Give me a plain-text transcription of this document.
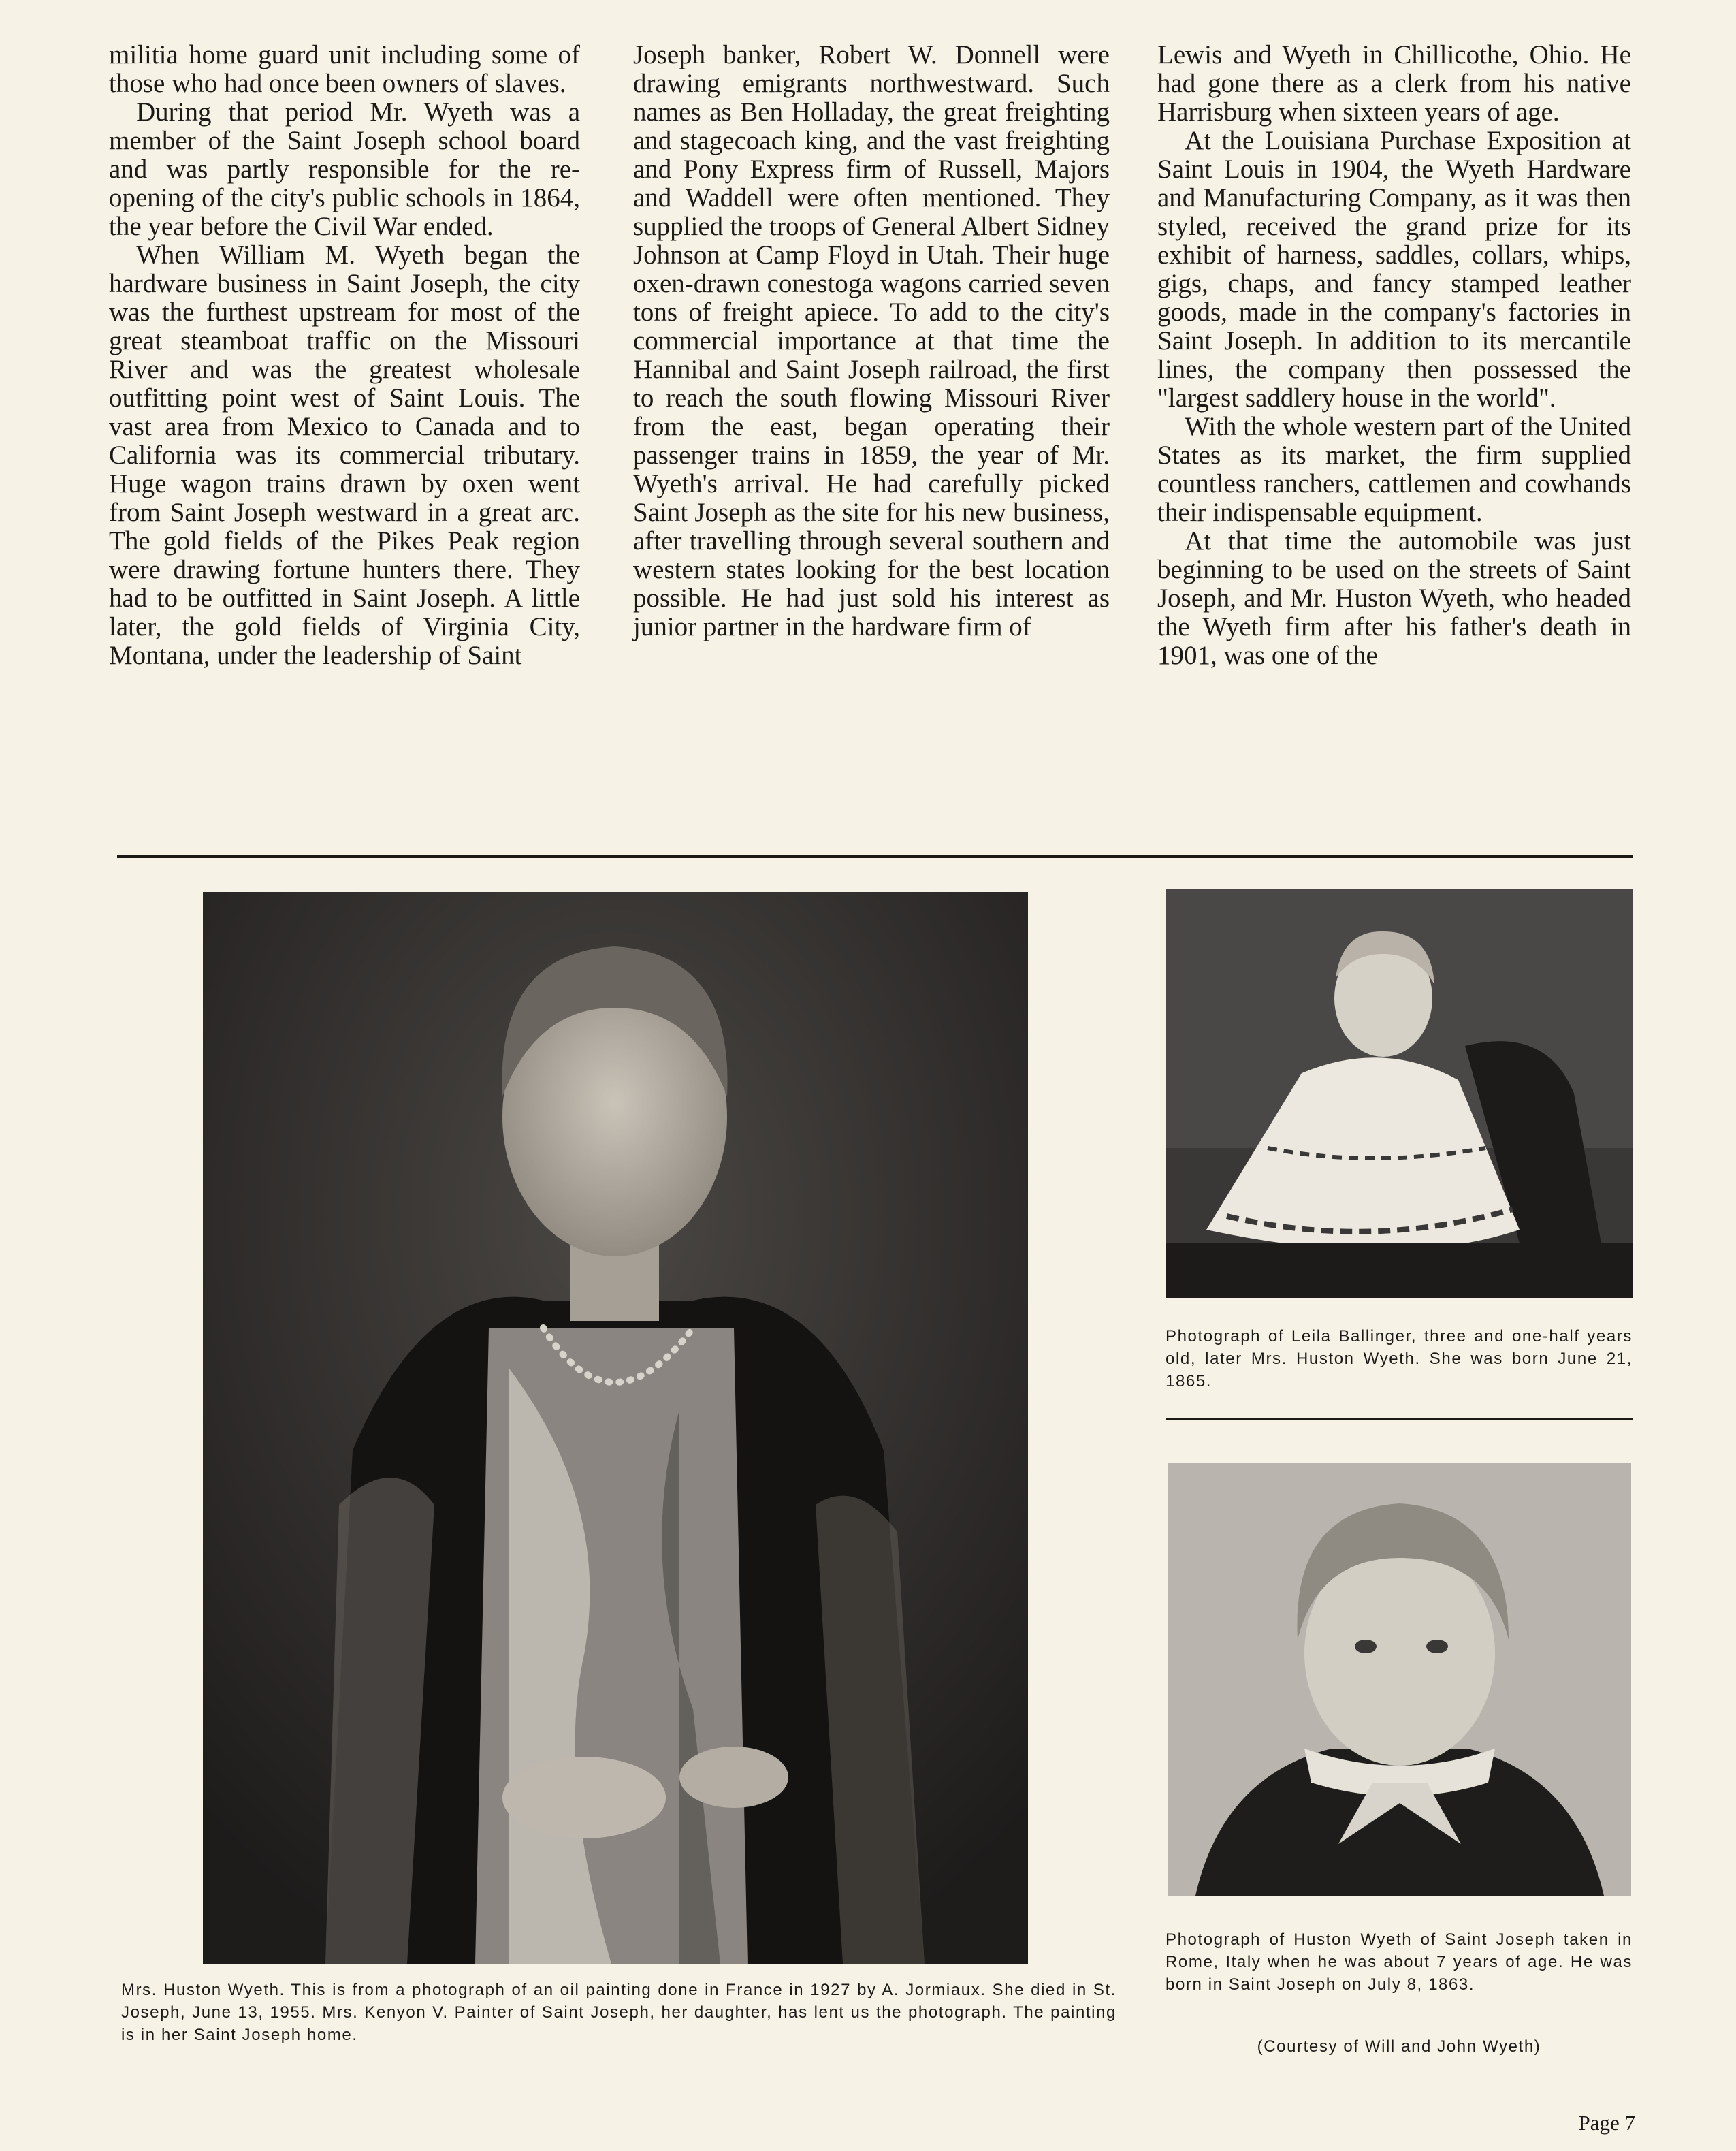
militia home guard unit including some of those who had once been owners of slaves.

During that period Mr. Wyeth was a member of the Saint Joseph school board and was partly responsible for the re-opening of the city's public schools in 1864, the year before the Civil War ended.

When William M. Wyeth began the hardware business in Saint Joseph, the city was the furthest upstream for most of the great steamboat traffic on the Missouri River and was the greatest wholesale outfitting point west of Saint Louis. The vast area from Mexico to Canada and to California was its commercial tributary. Huge wagon trains drawn by oxen went from Saint Joseph westward in a great arc. The gold fields of the Pikes Peak region were drawing fortune hunters there. They had to be outfitted in Saint Joseph. A little later, the gold fields of Virginia City, Montana, under the leadership of Saint

Joseph banker, Robert W. Donnell were drawing emigrants northwestward. Such names as Ben Holladay, the great freighting and stagecoach king, and the vast freighting and Pony Express firm of Russell, Majors and Waddell were often mentioned. They supplied the troops of General Albert Sidney Johnson at Camp Floyd in Utah. Their huge oxen-drawn conestoga wagons carried seven tons of freight apiece. To add to the city's commercial importance at that time the Hannibal and Saint Joseph railroad, the first to reach the south flowing Missouri River from the east, began operating their passenger trains in 1859, the year of Mr. Wyeth's arrival. He had carefully picked Saint Joseph as the site for his new business, after travelling through several southern and western states looking for the best location possible. He had just sold his interest as junior partner in the hardware firm of

Lewis and Wyeth in Chillicothe, Ohio. He had gone there as a clerk from his native Harrisburg when sixteen years of age.

At the Louisiana Purchase Exposition at Saint Louis in 1904, the Wyeth Hardware and Manufacturing Company, as it was then styled, received the grand prize for its exhibit of harness, saddles, collars, whips, gigs, chaps, and fancy stamped leather goods, made in the company's factories in Saint Joseph. In addition to its mercantile lines, the company then possessed the "largest saddlery house in the world".

With the whole western part of the United States as its market, the firm supplied countless ranchers, cattlemen and cowhands their indispensable equipment.

At that time the automobile was just beginning to be used on the streets of Saint Joseph, and Mr. Huston Wyeth, who headed the Wyeth firm after his father's death in 1901, was one of the

Photograph of Leila Ballinger, three and one-half years old, later Mrs. Huston Wyeth. She was born June 21, 1865.

Photograph of Huston Wyeth of Saint Joseph taken in Rome, Italy when he was about 7 years of age. He was born in Saint Joseph on July 8, 1863.

(Courtesy of Will and John Wyeth)

Mrs. Huston Wyeth. This is from a photograph of an oil painting done in France in 1927 by A. Jormiaux. She died in St. Joseph, June 13, 1955. Mrs. Kenyon V. Painter of Saint Joseph, her daughter, has lent us the photograph. The painting is in her Saint Joseph home.

Page 7
